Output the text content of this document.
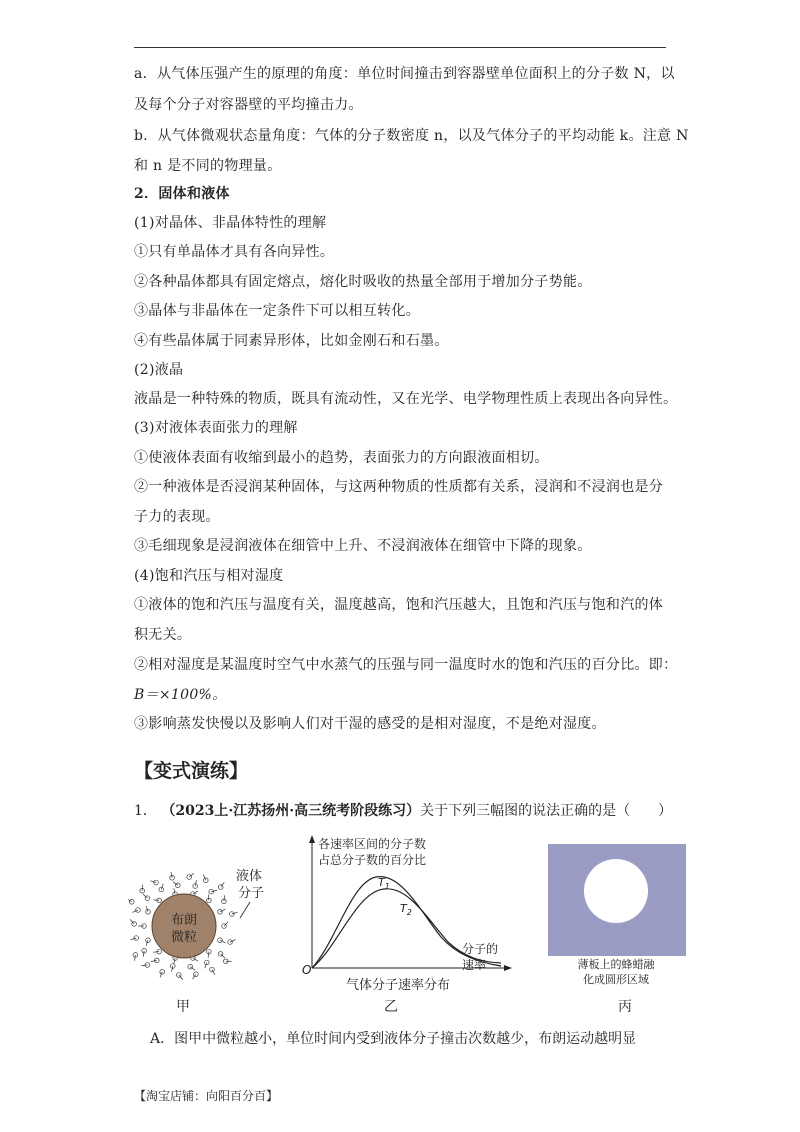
a．从气体压强产生的原理的角度：单位时间撞击到容器壁单位面积上的分子数 N，以
及每个分子对容器壁的平均撞击力。
b．从气体微观状态量角度：气体的分子数密度 n，以及气体分子的平均动能 k。注意 N
和 n 是不同的物理量。
2．固体和液体
(1)对晶体、非晶体特性的理解
①只有单晶体才具有各向异性。
②各种晶体都具有固定熔点，熔化时吸收的热量全部用于增加分子势能。
③晶体与非晶体在一定条件下可以相互转化。
④有些晶体属于同素异形体，比如金刚石和石墨。
(2)液晶
液晶是一种特殊的物质，既具有流动性，又在光学、电学物理性质上表现出各向异性。
(3)对液体表面张力的理解
①使液体表面有收缩到最小的趋势，表面张力的方向跟液面相切。
②一种液体是否浸润某种固体，与这两种物质的性质都有关系，浸润和不浸润也是分
子力的表现。
③毛细现象是浸润液体在细管中上升、不浸润液体在细管中下降的现象。
(4)饱和汽压与相对湿度
①液体的饱和汽压与温度有关，温度越高，饱和汽压越大，且饱和汽压与饱和汽的体
积无关。
②相对湿度是某温度时空气中水蒸气的压强与同一温度时水的饱和汽压的百分比。即：
B＝×100%。
③影响蒸发快慢以及影响人们对干湿的感受的是相对湿度，不是绝对湿度。
【变式演练】
1． （2023上·江苏扬州·高三统考阶段练习）关于下列三幅图的说法正确的是（　　）
布朗
微粒
液体
分子
甲
各速率区间的分子数
占总分子数的百分比
$T_1$
$T_2$
分子的
速率
O
气体分子速率分布
乙
薄板上的蜂蜡融
化成圆形区域
丙
A．图甲中微粒越小，单位时间内受到液体分子撞击次数越少，布朗运动越明显
【淘宝店铺：向阳百分百】
